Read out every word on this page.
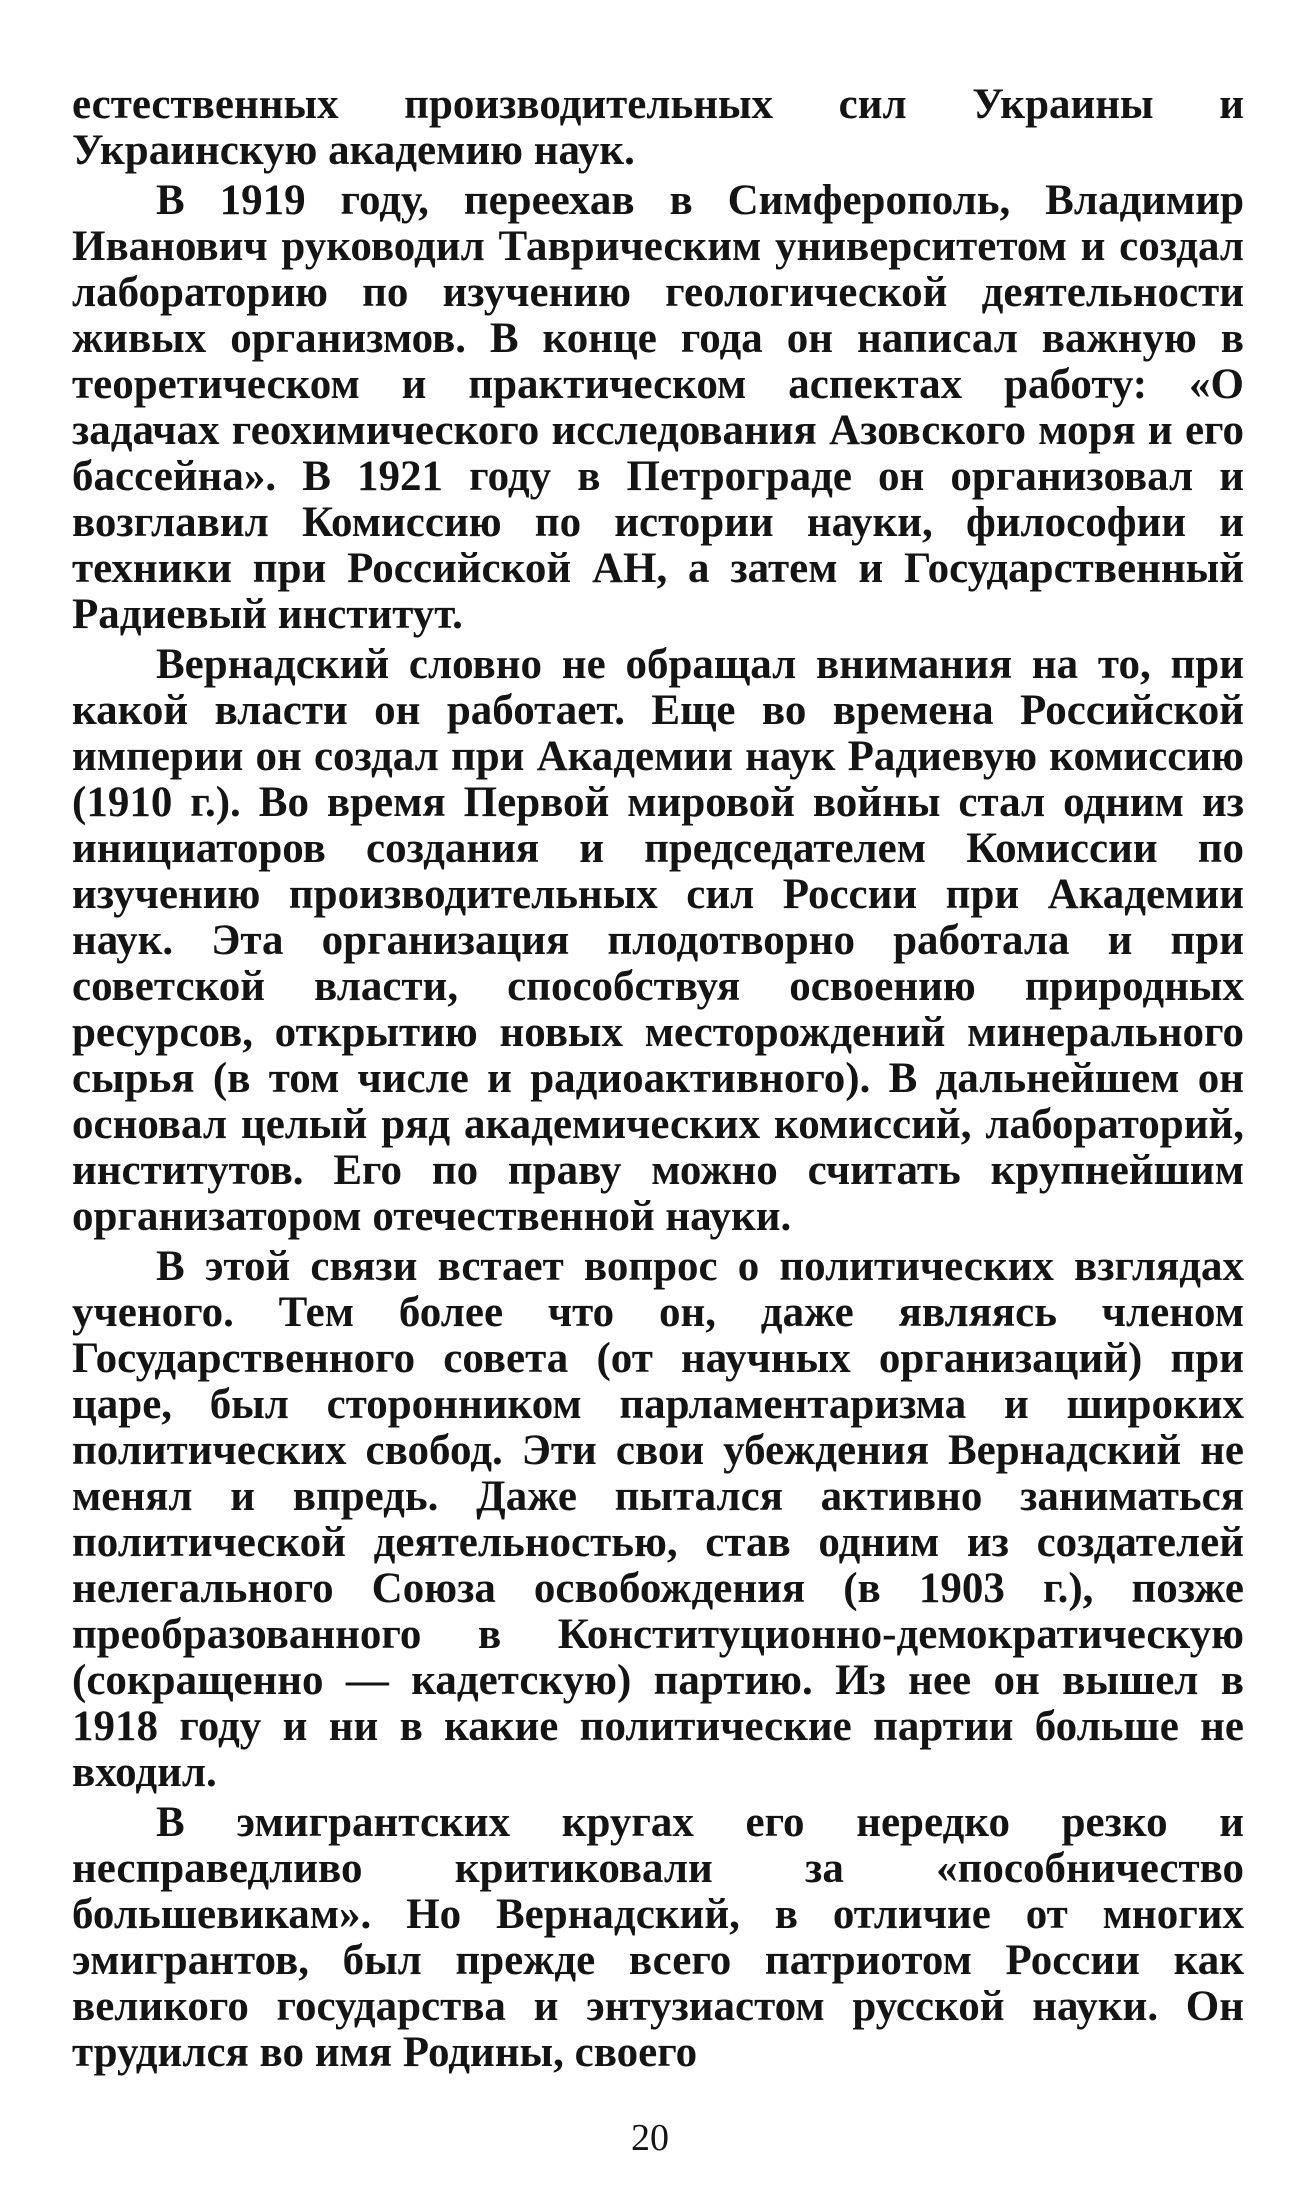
естественных производительных сил Украины и Украинскую академию наук.

В 1919 году, переехав в Симферополь, Владимир Иванович руководил Таврическим университетом и создал лабораторию по изучению геологической деятельности живых организмов. В конце года он написал важную в теоретическом и практическом аспектах работу: «О задачах геохимического исследования Азовского моря и его бассейна». В 1921 году в Петрограде он организовал и возглавил Комиссию по истории науки, философии и техники при Российской АН, а затем и Государственный Радиевый институт.

Вернадский словно не обращал внимания на то, при какой власти он работает. Еще во времена Российской империи он создал при Академии наук Радиевую комиссию (1910 г.). Во время Первой мировой войны стал одним из инициаторов создания и председателем Комиссии по изучению производительных сил России при Академии наук. Эта организация плодотворно работала и при советской власти, способствуя освоению природных ресурсов, открытию новых месторождений минерального сырья (в том числе и радиоактивного). В дальнейшем он основал целый ряд академических комиссий, лабораторий, институтов. Его по праву можно считать крупнейшим организатором отечественной науки.

В этой связи встает вопрос о политических взглядах ученого. Тем более что он, даже являясь членом Государственного совета (от научных организаций) при царе, был сторонником парламентаризма и широких политических свобод. Эти свои убеждения Вернадский не менял и впредь. Даже пытался активно заниматься политической деятельностью, став одним из создателей нелегального Союза освобождения (в 1903 г.), позже преобразованного в Конституционно-демократическую (сокращенно — кадетскую) партию. Из нее он вышел в 1918 году и ни в какие политические партии больше не входил.

В эмигрантских кругах его нередко резко и несправедливо критиковали за «пособничество большевикам». Но Вернадский, в отличие от многих эмигрантов, был прежде всего патриотом России как великого государства и энтузиастом русской науки. Он трудился во имя Родины, своего

20
